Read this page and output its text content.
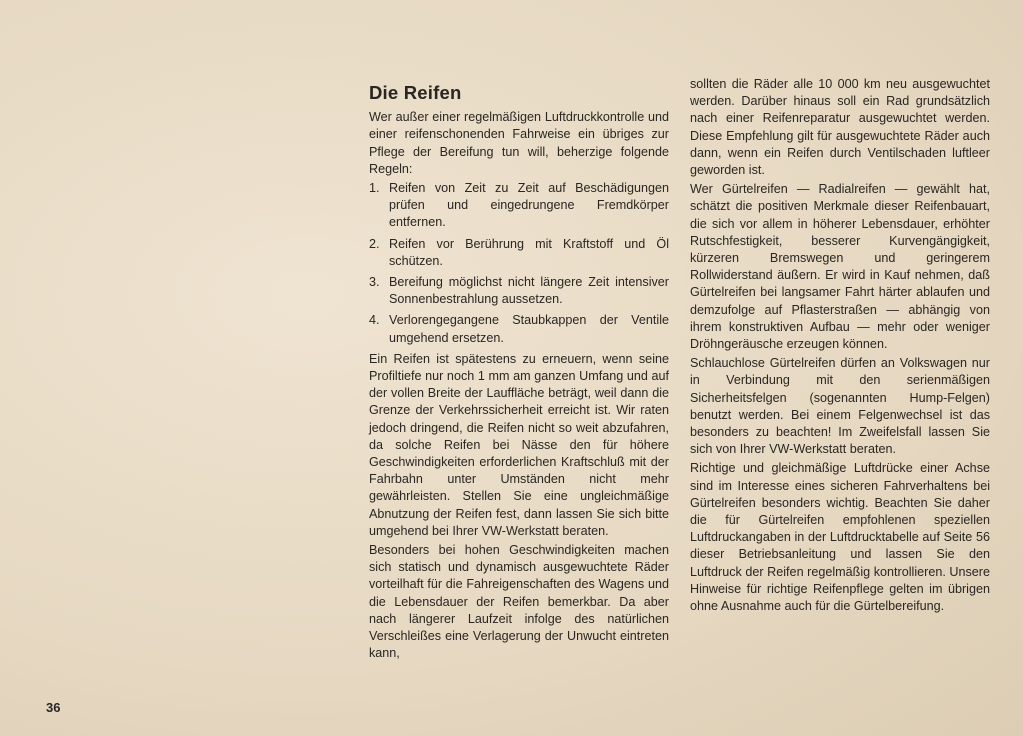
Die Reifen

Wer außer einer regelmäßigen Luftdruckkontrolle und einer reifenschonenden Fahrweise ein übriges zur Pflege der Bereifung tun will, beherzige folgende Regeln:

1. Reifen von Zeit zu Zeit auf Beschädigungen prüfen und eingedrungene Fremdkörper entfernen.
2. Reifen vor Berührung mit Kraftstoff und Öl schützen.
3. Bereifung möglichst nicht längere Zeit intensiver Sonnenbestrahlung aussetzen.
4. Verlorengegangene Staubkappen der Ventile umgehend ersetzen.

Ein Reifen ist spätestens zu erneuern, wenn seine Profiltiefe nur noch 1 mm am ganzen Umfang und auf der vollen Breite der Lauffläche beträgt, weil dann die Grenze der Verkehrssicherheit erreicht ist. Wir raten jedoch dringend, die Reifen nicht so weit abzufahren, da solche Reifen bei Nässe den für höhere Geschwindigkeiten erforderlichen Kraftschluß mit der Fahrbahn unter Umständen nicht mehr gewährleisten. Stellen Sie eine ungleichmäßige Abnutzung der Reifen fest, dann lassen Sie sich bitte umgehend bei Ihrer VW-Werkstatt beraten.

Besonders bei hohen Geschwindigkeiten machen sich statisch und dynamisch ausgewuchtete Räder vorteilhaft für die Fahreigenschaften des Wagens und die Lebensdauer der Reifen bemerkbar. Da aber nach längerer Laufzeit infolge des natürlichen Verschleißes eine Verlagerung der Unwucht eintreten kann,

sollten die Räder alle 10 000 km neu ausgewuchtet werden. Darüber hinaus soll ein Rad grundsätzlich nach einer Reifenreparatur ausgewuchtet werden. Diese Empfehlung gilt für ausgewuchtete Räder auch dann, wenn ein Reifen durch Ventilschaden luftleer geworden ist.

Wer Gürtelreifen — Radialreifen — gewählt hat, schätzt die positiven Merkmale dieser Reifenbauart, die sich vor allem in höherer Lebensdauer, erhöhter Rutschfestigkeit, besserer Kurvengängigkeit, kürzeren Bremswegen und geringerem Rollwiderstand äußern. Er wird in Kauf nehmen, daß Gürtelreifen bei langsamer Fahrt härter ablaufen und demzufolge auf Pflasterstraßen — abhängig von ihrem konstruktiven Aufbau — mehr oder weniger Dröhngeräusche erzeugen können.

Schlauchlose Gürtelreifen dürfen an Volkswagen nur in Verbindung mit den serienmäßigen Sicherheitsfelgen (sogenannten Hump-Felgen) benutzt werden. Bei einem Felgenwechsel ist das besonders zu beachten! Im Zweifelsfall lassen Sie sich von Ihrer VW-Werkstatt beraten.

Richtige und gleichmäßige Luftdrücke einer Achse sind im Interesse eines sicheren Fahrverhaltens bei Gürtelreifen besonders wichtig. Beachten Sie daher die für Gürtelreifen empfohlenen speziellen Luftdruckangaben in der Luftdrucktabelle auf Seite 56 dieser Betriebsanleitung und lassen Sie den Luftdruck der Reifen regelmäßig kontrollieren. Unsere Hinweise für richtige Reifenpflege gelten im übrigen ohne Ausnahme auch für die Gürtelbereifung.

36
